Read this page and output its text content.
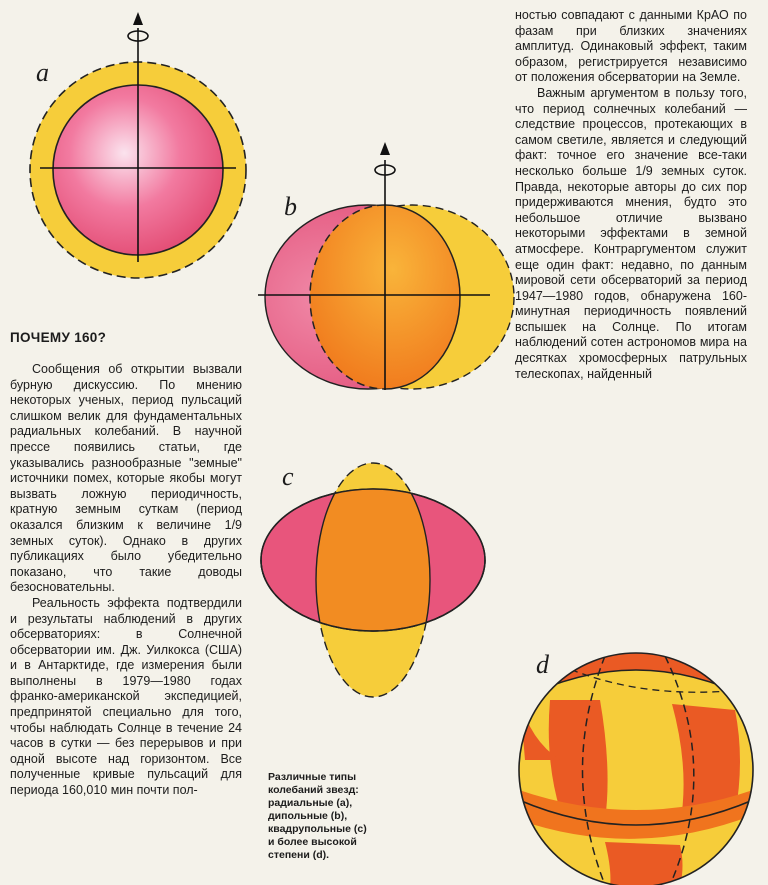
a
b
c
d
ПОЧЕМУ 160?

Сообщения об открытии вызвали бурную дискуссию. По мнению некоторых ученых, период пульсаций слишком велик для фундаментальных радиальных колебаний. В научной прессе появились статьи, где указывались разнообразные "земные" источники помех, которые якобы могут вызвать ложную периодичность, кратную земным суткам (период оказался близким к величине 1/9 земных суток). Однако в других публикациях было убедительно показано, что такие доводы безосновательны.

Реальность эффекта подтвердили и результаты наблюдений в других обсерваториях: в Солнечной обсерватории им. Дж. Уилкокса (США) и в Антарктиде, где измерения были выполнены в 1979—1980 годах франко-американской экспедицией, предпринятой специально для того, чтобы наблюдать Солнце в течение 24 часов в сутки — без перерывов и при одной высоте над горизонтом. Все полученные кривые пульсаций для периода 160,010 мин почти пол-

ностью совпадают с данными КрАО по фазам при близких значениях амплитуд. Одинаковый эффект, таким образом, регистрируется независимо от положения обсерватории на Земле.

Важным аргументом в пользу того, что период солнечных колебаний — следствие процессов, протекающих в самом светиле, является и следующий факт: точное его значение все-таки несколько больше 1/9 земных суток. Правда, некоторые авторы до сих пор придерживаются мнения, будто это небольшое отличие вызвано некоторыми эффектами в земной атмосфере. Контраргументом служит еще один факт: недавно, по данным мировой сети обсерваторий за период 1947—1980 годов, обнаружена 160-минутная периодичность появлений вспышек на Солнце. По итогам наблюдений сотен астрономов мира на десятках хромосферных патрульных телескопах, найденный

Различные типы колебаний звезд: радиальные (a), дипольные (b), квадрупольные (c) и более высокой степени (d).
